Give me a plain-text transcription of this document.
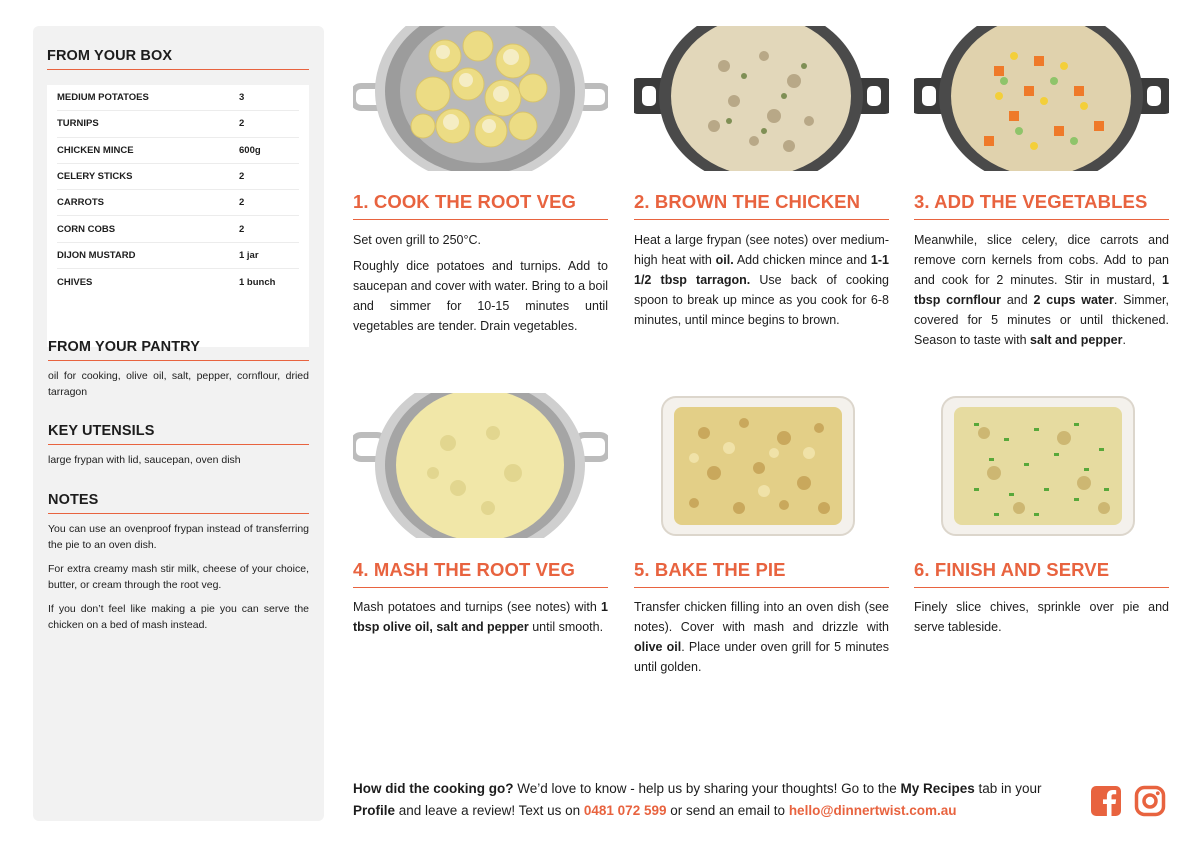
FROM YOUR BOX
MEDIUM POTATOES	3
TURNIPS	2
CHICKEN MINCE	600g
CELERY STICKS	2
CARROTS	2
CORN COBS	2
DIJON MUSTARD	1 jar
CHIVES	1 bunch
FROM YOUR PANTRY
oil for cooking, olive oil, salt, pepper, cornflour, dried tarragon
KEY UTENSILS
large frypan with lid, saucepan, oven dish
NOTES

You can use an ovenproof frypan instead of transferring the pie to an oven dish.

For extra creamy mash stir milk, cheese of your choice, butter, or cream through the root veg.

If you don’t feel like making a pie you can serve the chicken on a bed of mash instead.

1. COOK THE ROOT VEG

Set oven grill to 250°C.

Roughly dice potatoes and turnips. Add to saucepan and cover with water. Bring to a boil and simmer for 10-15 minutes until vegetables are tender. Drain vegetables.

2. BROWN THE CHICKEN

Heat a large frypan (see notes) over medium-high heat with oil. Add chicken mince and 1-1 1/2 tbsp tarragon. Use back of cooking spoon to break up mince as you cook for 6-8 minutes, until mince begins to brown.

3. ADD THE VEGETABLES

Meanwhile, slice celery, dice carrots and remove corn kernels from cobs. Add to pan and cook for 2 minutes. Stir in mustard, 1 tbsp cornflour and 2 cups water. Simmer, covered for 5 minutes or until thickened. Season to taste with salt and pepper.

4. MASH THE ROOT VEG

Mash potatoes and turnips (see notes) with 1 tbsp olive oil, salt and pepper until smooth.

5. BAKE THE PIE

Transfer chicken filling into an oven dish (see notes). Cover with mash and drizzle with olive oil. Place under oven grill for 5 minutes until golden.

6. FINISH AND SERVE

Finely slice chives, sprinkle over pie and serve tableside.

How did the cooking go? We’d love to know - help us by sharing your thoughts! Go to the My Recipes tab in your Profile and leave a review! Text us on 0481 072 599 or send an email to hello@dinnertwist.com.au
